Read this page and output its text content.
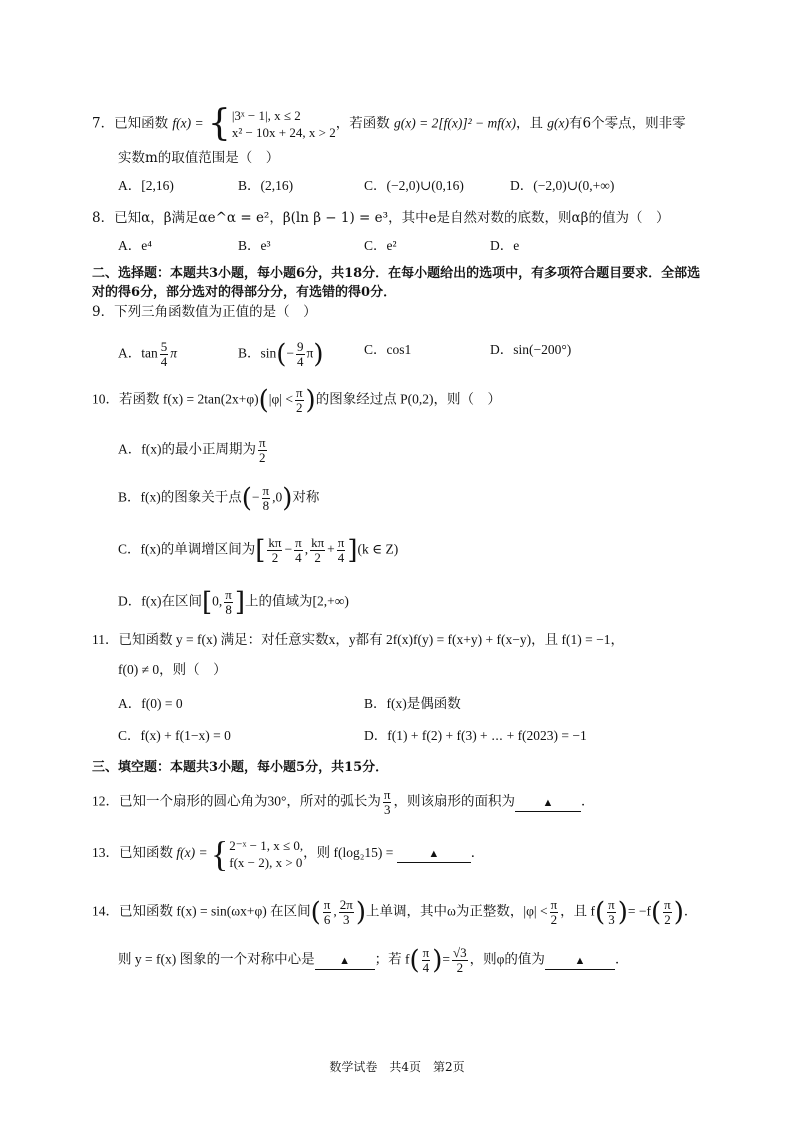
7．已知函数 f(x) = { |3ˣ − 1|, x ≤ 2
x² − 10x + 24, x > 2
，若函数 g(x) = 2[f(x)]² − mf(x)，且 g(x)有6个零点，则非零
实数m的取值范围是（　）
A．[2,16)	B．(2,16)	C．(−2,0)∪(0,16)	D．(−2,0)∪(0,+∞)
8．已知α，β满足αe^α = e²，β(ln β − 1) = e³，其中e是自然对数的底数，则αβ的值为（　）
A．e⁴	B．e³	C．e²	D．e
二、选择题：本题共3小题，每小题6分，共18分．在每小题给出的选项中，有多项符合题目要求．全部选
对的得6分，部分选对的得部分分，有选错的得0分．
9．下列三角函数值为正值的是（　）
A．$\tan \frac{5}{4}$ π	B．$\sin(- \frac{9}{4} \pi)$	C．cos1	D．sin(−200°)
10．若函数 $f(x) = 2\tan(2x+\varphi)(|\varphi| < \frac{\pi}{2}$ )的图象经过点 P(0,2)，则（　）
A．f(x)的最小正周期为 $\frac{\pi}{2}$
B．f(x)的图象关于点(− $\frac{\pi}{8} ,0$)对称
C．f(x)的单调增区间为[ $\frac{k\pi}{2} - \frac{\pi}{4}$ , $\frac{k\pi}{2} + \frac{\pi}{4} ](k$ ∈ Z)
D．f(x)在区间[0, $\frac{\pi}{8}$ ]上的值域为[2,+∞)
11．已知函数 y = f(x) 满足：对任意实数x，y都有 2f(x)f(y) = f(x+y) + f(x−y)，且 f(1) = −1，
f(0) ≠ 0，则（　）
A．f(0) = 0	B．f(x)是偶函数
C．f(x) + f(1−x) = 0	D．f(1) + f(2) + f(3) + ⋯ + f(2023) = −1
三、填空题：本题共3小题，每小题5分，共15分．
12．已知一个扇形的圆心角为30°，所对的弧长为 $\frac{\pi}{3}$ ，则该扇形的面积为	▲ ．
13．已知函数 f(x) = { 2⁻ˣ − 1, x ≤ 0,
f(x − 2), x > 0
，则 f(log₂15) =	▲ ．
14．已知函数 f(x) = sin(ωx+φ) 在区间( $\frac{\pi}{6}$ , $\frac{2\pi}{3}$ )上单调，其中ω为正整数，$|\varphi| < \frac{\pi}{2}$ ，且 $f( \frac{\pi}{3}$ )= $-f( \frac{\pi}{2}$ )．
则 y = f(x) 图象的一个对称中心是 ▲ ；若 $f( \frac{\pi}{4}$ )= $\frac{√3}{2}$ ，则φ的值为	▲ ．
数学试卷　共4页　第2页
